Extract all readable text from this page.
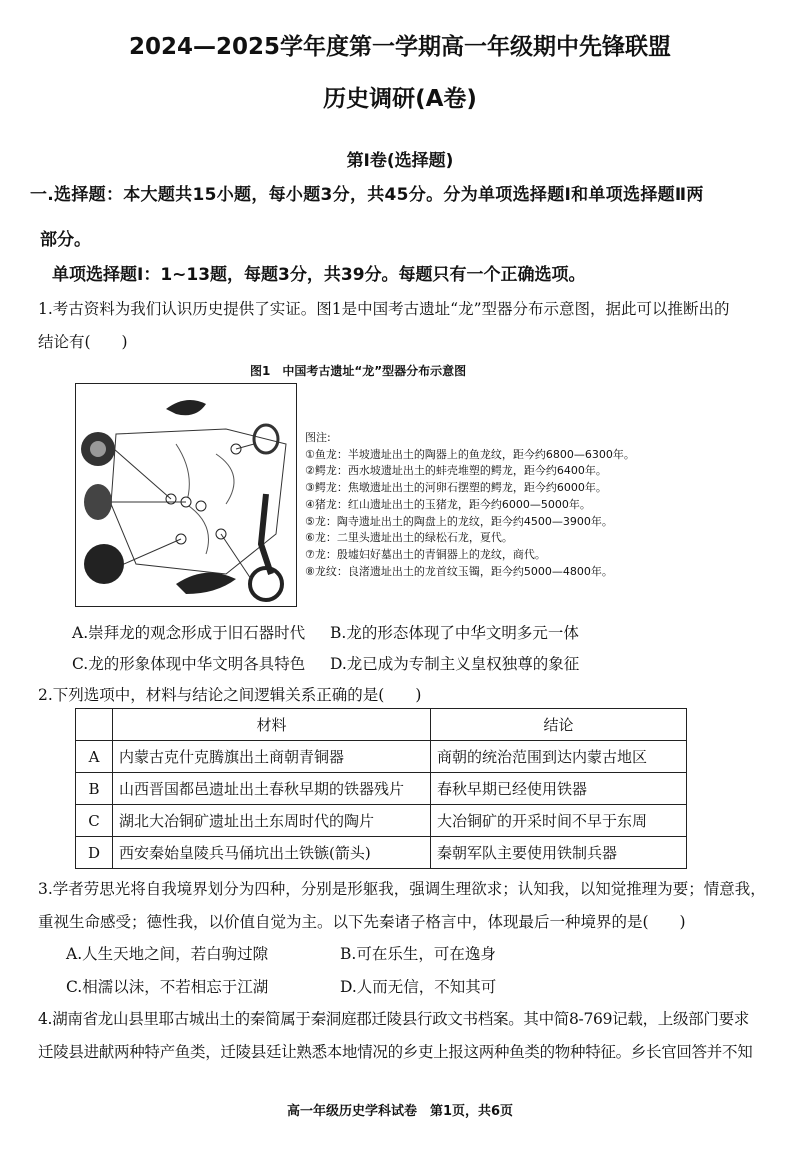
2024—2025学年度第一学期高一年级期中先锋联盟
历史调研(A卷)
第Ⅰ卷(选择题)
一.选择题：本大题共15小题，每小题3分，共45分。分为单项选择题Ⅰ和单项选择题Ⅱ两
部分。
单项选择题Ⅰ：1~13题，每题3分，共39分。每题只有一个正确选项。
1.考古资料为我们认识历史提供了实证。图1是中国考古遗址“龙”型器分布示意图，据此可以推断出的
结论有(　　)
图1　中国考古遗址“龙”型器分布示意图
图注:
①鱼龙：半坡遗址出土的陶器上的鱼龙纹，距今约6800—6300年。
②鳄龙：西水坡遗址出土的蚌壳堆塑的鳄龙，距今约6400年。
③鳄龙：焦墩遗址出土的河卵石摆塑的鳄龙，距今约6000年。
④猪龙：红山遗址出土的玉猪龙，距今约6000—5000年。
⑤龙：陶寺遗址出土的陶盘上的龙纹，距今约4500—3900年。
⑥龙：二里头遗址出土的绿松石龙，夏代。
⑦龙：殷墟妇好墓出土的青铜器上的龙纹，商代。
⑧龙纹：良渚遗址出土的龙首纹玉镯，距今约5000—4800年。
A.崇拜龙的观念形成于旧石器时代 B.龙的形态体现了中华文明多元一体
C.龙的形象体现中华文明各具特色 D.龙已成为专制主义皇权独尊的象征
2.下列选项中，材料与结论之间逻辑关系正确的是(　　)
	材料	结论
A	内蒙古克什克腾旗出土商朝青铜器	商朝的统治范围到达内蒙古地区
B	山西晋国都邑遗址出土春秋早期的铁器残片	春秋早期已经使用铁器
C	湖北大冶铜矿遗址出土东周时代的陶片	大冶铜矿的开采时间不早于东周
D	西安秦始皇陵兵马俑坑出土铁镞(箭头)	秦朝军队主要使用铁制兵器
3.学者劳思光将自我境界划分为四种，分别是形躯我，强调生理欲求；认知我，以知觉推理为要；情意我，
重视生命感受；德性我，以价值自觉为主。以下先秦诸子格言中，体现最后一种境界的是(　　)
A.人生天地之间，若白驹过隙	B.可在乐生，可在逸身
C.相濡以沫，不若相忘于江湖	D.人而无信，不知其可
4.湖南省龙山县里耶古城出土的秦简属于秦洞庭郡迁陵县行政文书档案。其中简8-769记载，上级部门要求
迁陵县进献两种特产鱼类，迁陵县廷让熟悉本地情况的乡吏上报这两种鱼类的物种特征。乡长官回答并不知
高一年级历史学科试卷　第1页，共6页
